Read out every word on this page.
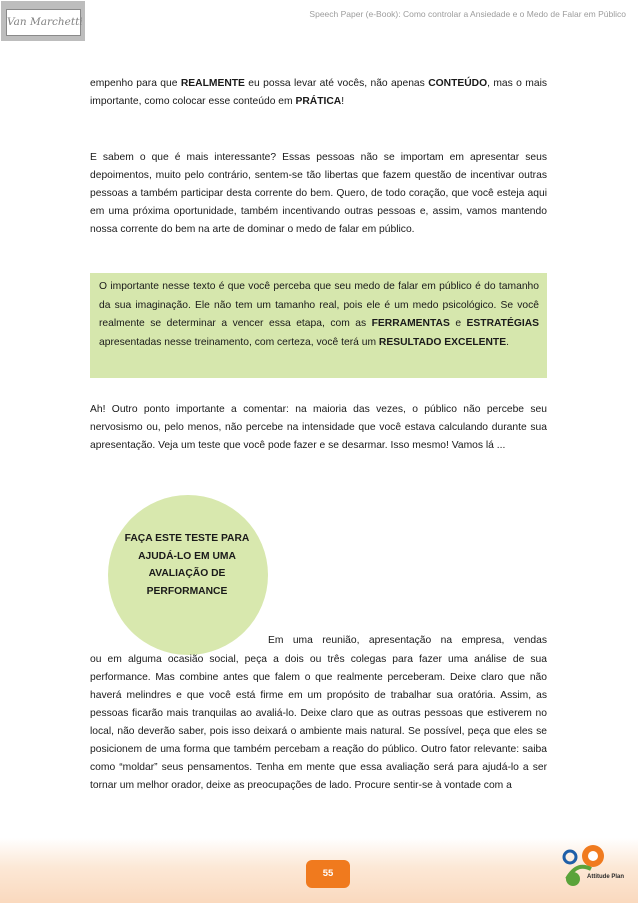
Van Marchetti
Speech Paper (e-Book): Como controlar a Ansiedade e o Medo de Falar em Público

empenho para que REALMENTE eu possa levar até vocês, não apenas CONTEÚDO, mas o mais importante, como colocar esse conteúdo em PRÁTICA!

E sabem o que é mais interessante? Essas pessoas não se importam em apresentar seus depoimentos, muito pelo contrário, sentem-se tão libertas que fazem questão de incentivar outras pessoas a também participar desta corrente do bem. Quero, de todo coração, que você esteja aqui em uma próxima oportunidade, também incentivando outras pessoas e, assim, vamos mantendo nossa corrente do bem na arte de dominar o medo de falar em público.

O importante nesse texto é que você perceba que seu medo de falar em público é do tamanho da sua imaginação. Ele não tem um tamanho real, pois ele é um medo psicológico. Se você realmente se determinar a vencer essa etapa, com as FERRAMENTAS e ESTRATÉGIAS apresentadas nesse treinamento, com certeza, você terá um RESULTADO EXCELENTE.

Ah! Outro ponto importante a comentar: na maioria das vezes, o público não percebe seu nervosismo ou, pelo menos, não percebe na intensidade que você estava calculando durante sua apresentação. Veja um teste que você pode fazer e se desarmar. Isso mesmo! Vamos lá ...

FAÇA ESTE TESTE PARA AJUDÁ-LO EM UMA AVALIAÇÃO DE PERFORMANCE

Em uma reunião, apresentação na empresa, vendas

ou em alguma ocasião social, peça a dois ou três colegas para fazer uma análise de sua performance. Mas combine antes que falem o que realmente perceberam. Deixe claro que não haverá melindres e que você está firme em um propósito de trabalhar sua oratória. Assim, as pessoas ficarão mais tranquilas ao avaliá-lo. Deixe claro que as outras pessoas que estiverem no local, não deverão saber, pois isso deixará o ambiente mais natural. Se possível, peça que eles se posicionem de uma forma que também percebam a reação do público. Outro fator relevante: saiba como “moldar” seus pensamentos. Tenha em mente que essa avaliação será para ajudá-lo a ser tornar um melhor orador, deixe as preocupações de lado. Procure sentir-se à vontade com a

55	Attitude Plan
